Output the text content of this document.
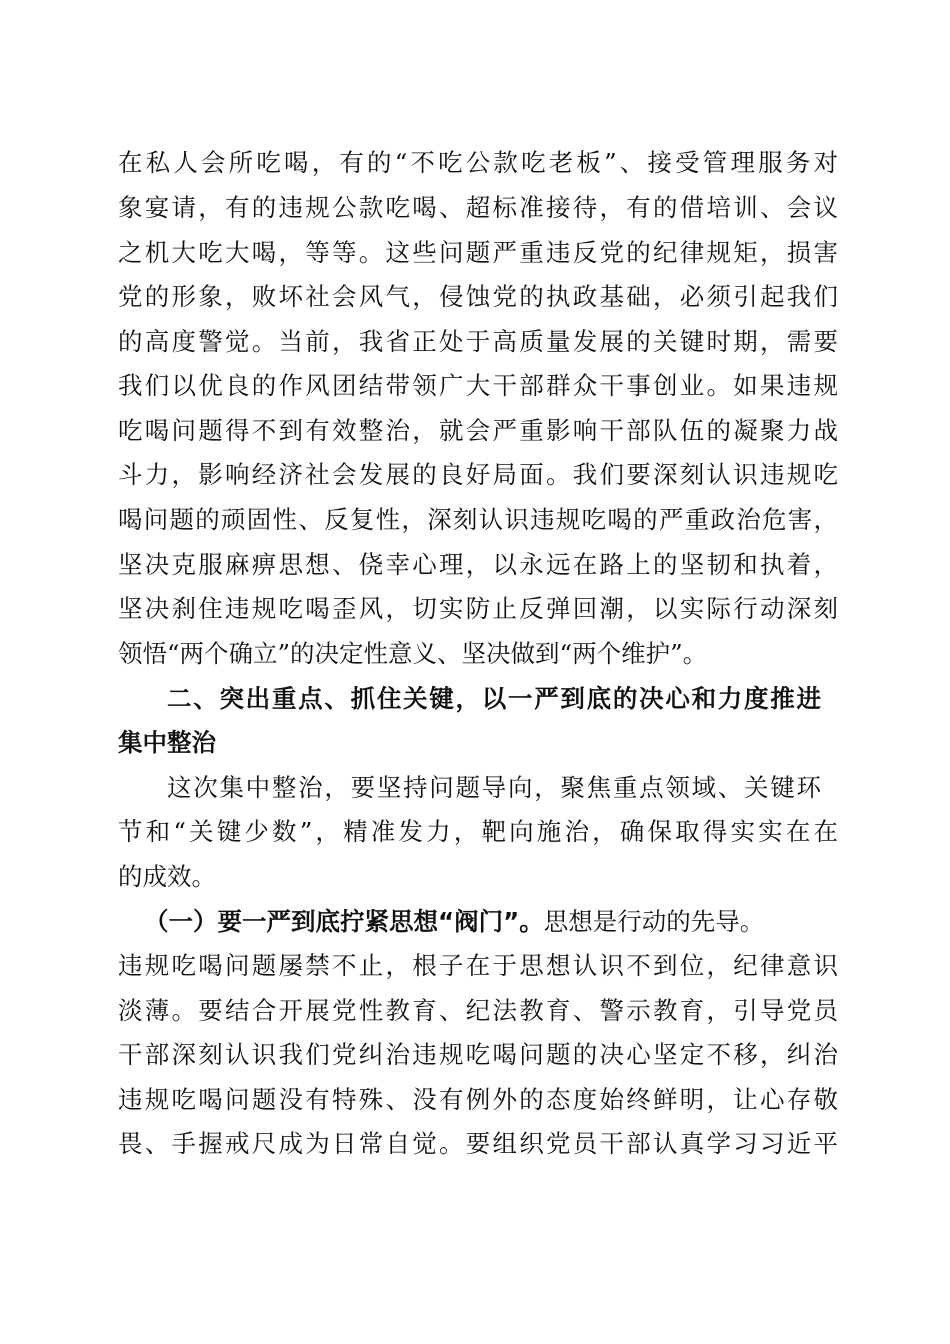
在私人会所吃喝，有的“不吃公款吃老板”、接受管理服务对
象宴请，有的违规公款吃喝、超标准接待，有的借培训、会议
之机大吃大喝，等等。这些问题严重违反党的纪律规矩，损害
党的形象，败坏社会风气，侵蚀党的执政基础，必须引起我们
的高度警觉。当前，我省正处于高质量发展的关键时期，需要
我们以优良的作风团结带领广大干部群众干事创业。如果违规
吃喝问题得不到有效整治，就会严重影响干部队伍的凝聚力战
斗力，影响经济社会发展的良好局面。我们要深刻认识违规吃
喝问题的顽固性、反复性，深刻认识违规吃喝的严重政治危害，
坚决克服麻痹思想、侥幸心理，以永远在路上的坚韧和执着，
坚决刹住违规吃喝歪风，切实防止反弹回潮，以实际行动深刻
领悟“两个确立”的决定性意义、坚决做到“两个维护”。
二、突出重点、抓住关键，以一严到底的决心和力度推进
集中整治
这次集中整治，要坚持问题导向，聚焦重点领域、关键环
节和“关键少数”，精准发力，靶向施治，确保取得实实在在
的成效。
（一）要一严到底拧紧思想“阀门”。思想是行动的先导。
违规吃喝问题屡禁不止，根子在于思想认识不到位，纪律意识
淡薄。要结合开展党性教育、纪法教育、警示教育，引导党员
干部深刻认识我们党纠治违规吃喝问题的决心坚定不移，纠治
违规吃喝问题没有特殊、没有例外的态度始终鲜明，让心存敬
畏、手握戒尺成为日常自觉。要组织党员干部认真学习习近平
